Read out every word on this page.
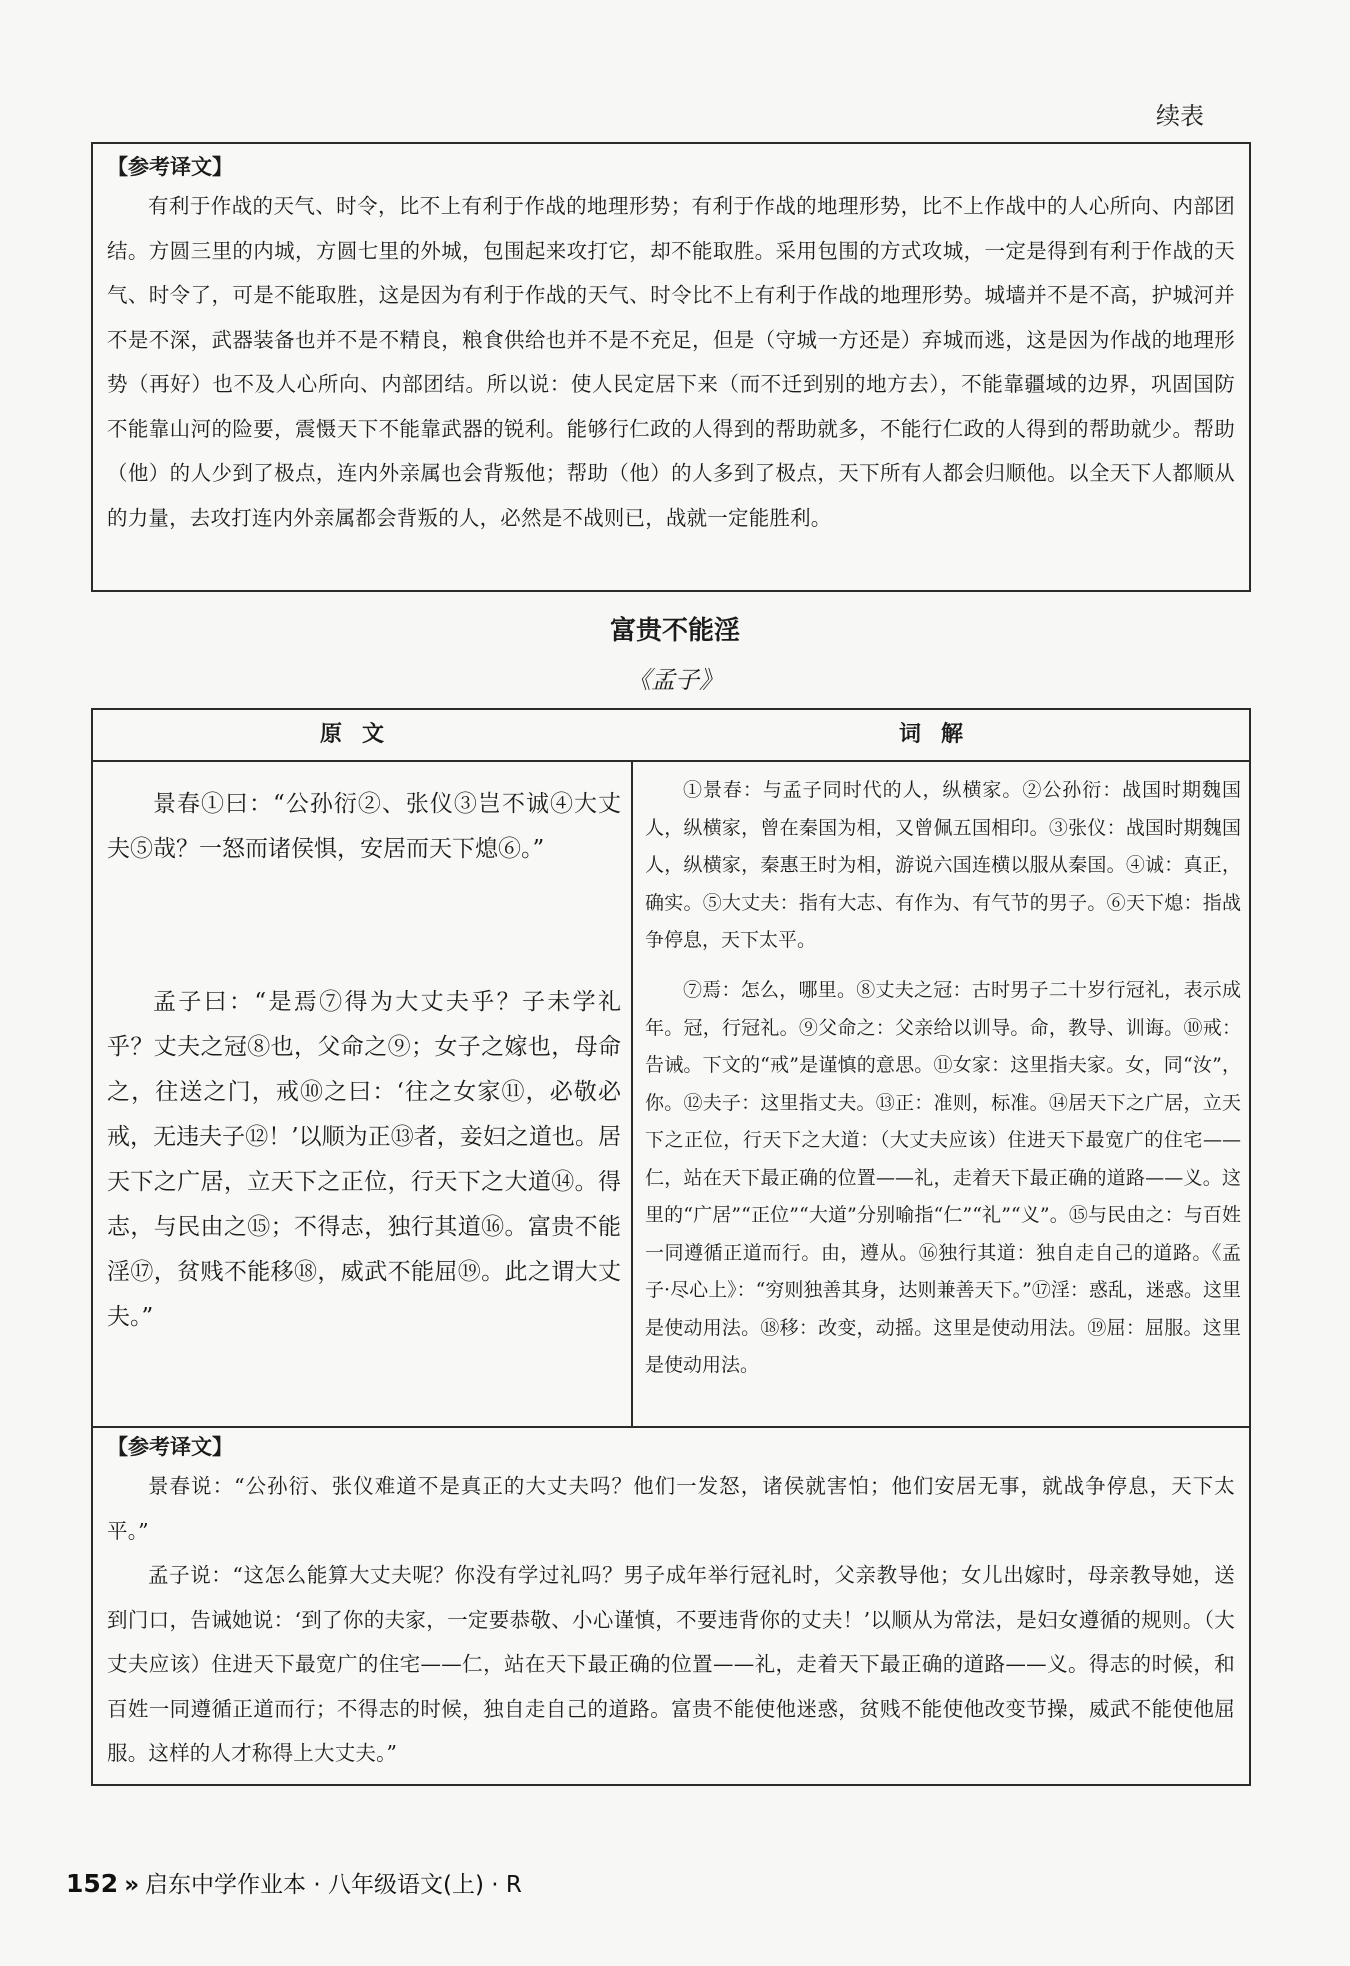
续表
【参考译文】

有利于作战的天气、时令，比不上有利于作战的地理形势；有利于作战的地理形势，比不上作战中的人心所向、内部团结。方圆三里的内城，方圆七里的外城，包围起来攻打它，却不能取胜。采用包围的方式攻城，一定是得到有利于作战的天气、时令了，可是不能取胜，这是因为有利于作战的天气、时令比不上有利于作战的地理形势。城墙并不是不高，护城河并不是不深，武器装备也并不是不精良，粮食供给也并不是不充足，但是（守城一方还是）弃城而逃，这是因为作战的地理形势（再好）也不及人心所向、内部团结。所以说：使人民定居下来（而不迁到别的地方去），不能靠疆域的边界，巩固国防不能靠山河的险要，震慑天下不能靠武器的锐利。能够行仁政的人得到的帮助就多，不能行仁政的人得到的帮助就少。帮助（他）的人少到了极点，连内外亲属也会背叛他；帮助（他）的人多到了极点，天下所有人都会归顺他。以全天下人都顺从的力量，去攻打连内外亲属都会背叛的人，必然是不战则已，战就一定能胜利。

富贵不能淫
《孟子》
原文	词解

景春①曰：“公孙衍②、张仪③岂不诚④大丈夫⑤哉？一怒而诸侯惧，安居而天下熄⑥。”

孟子曰：“是焉⑦得为大丈夫乎？子未学礼乎？丈夫之冠⑧也，父命之⑨；女子之嫁也，母命之，往送之门，戒⑩之曰：‘往之女家⑪，必敬必戒，无违夫子⑫！’以顺为正⑬者，妾妇之道也。居天下之广居，立天下之正位，行天下之大道⑭。得志，与民由之⑮；不得志，独行其道⑯。富贵不能淫⑰，贫贱不能移⑱，威武不能屈⑲。此之谓大丈夫。”

①景春：与孟子同时代的人，纵横家。②公孙衍：战国时期魏国人，纵横家，曾在秦国为相，又曾佩五国相印。③张仪：战国时期魏国人，纵横家，秦惠王时为相，游说六国连横以服从秦国。④诚：真正，确实。⑤大丈夫：指有大志、有作为、有气节的男子。⑥天下熄：指战争停息，天下太平。

⑦焉：怎么，哪里。⑧丈夫之冠：古时男子二十岁行冠礼，表示成年。冠，行冠礼。⑨父命之：父亲给以训导。命，教导、训诲。⑩戒：告诫。下文的“戒”是谨慎的意思。⑪女家：这里指夫家。女，同“汝”，你。⑫夫子：这里指丈夫。⑬正：准则，标准。⑭居天下之广居，立天下之正位，行天下之大道：（大丈夫应该）住进天下最宽广的住宅——仁，站在天下最正确的位置——礼，走着天下最正确的道路——义。这里的“广居”“正位”“大道”分别喻指“仁”“礼”“义”。⑮与民由之：与百姓一同遵循正道而行。由，遵从。⑯独行其道：独自走自己的道路。《孟子·尽心上》：“穷则独善其身，达则兼善天下。”⑰淫：惑乱，迷惑。这里是使动用法。⑱移：改变，动摇。这里是使动用法。⑲屈：屈服。这里是使动用法。

【参考译文】

景春说：“公孙衍、张仪难道不是真正的大丈夫吗？他们一发怒，诸侯就害怕；他们安居无事，就战争停息，天下太平。”

孟子说：“这怎么能算大丈夫呢？你没有学过礼吗？男子成年举行冠礼时，父亲教导他；女儿出嫁时，母亲教导她，送到门口，告诫她说：‘到了你的夫家，一定要恭敬、小心谨慎，不要违背你的丈夫！’以顺从为常法，是妇女遵循的规则。（大丈夫应该）住进天下最宽广的住宅——仁，站在天下最正确的位置——礼，走着天下最正确的道路——义。得志的时候，和百姓一同遵循正道而行；不得志的时候，独自走自己的道路。富贵不能使他迷惑，贫贱不能使他改变节操，威武不能使他屈服。这样的人才称得上大丈夫。”

152 » 启东中学作业本 · 八年级语文(上) · R
